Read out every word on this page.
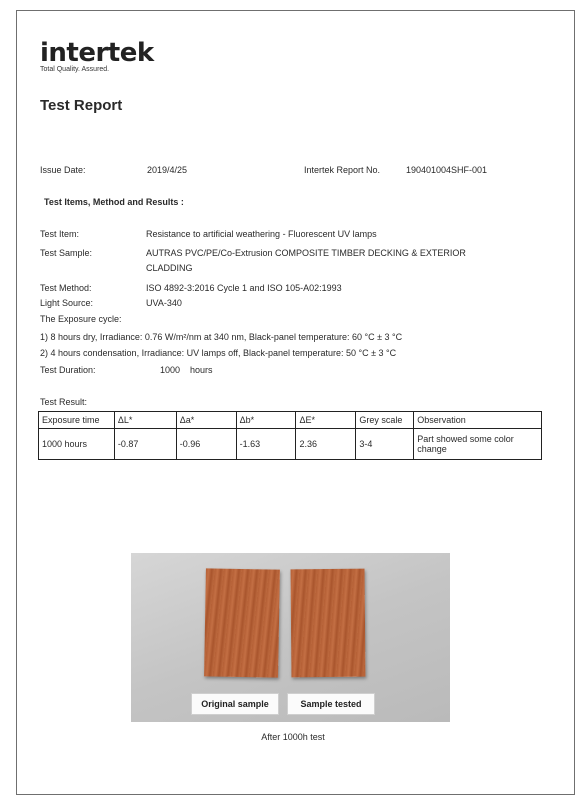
intertek
Total Quality. Assured.
Test Report
Issue Date:	2019/4/25	Intertek Report No.	190401004SHF-001
Test Items, Method and Results :
Test Item:	Resistance to artificial weathering - Fluorescent UV lamps
Test Sample:	AUTRAS PVC/PE/Co-Extrusion COMPOSITE TIMBER DECKING & EXTERIOR
CLADDING
Test Method:	ISO 4892-3:2016 Cycle 1 and ISO 105-A02:1993
Light Source:	UVA-340
The Exposure cycle:
1) 8 hours dry, Irradiance: 0.76 W/m²/nm at 340 nm, Black-panel temperature: 60 °C ± 3 °C
2) 4 hours condensation, Irradiance: UV lamps off, Black-panel temperature: 50 °C ± 3 °C
Test Duration:	1000    hours
Test Result:
Exposure time	ΔL*	Δa*	Δb*	ΔE*	Grey scale	Observation
1000 hours	-0.87	-0.96	-1.63	2.36	3-4	Part showed some color change
Original sample	Sample tested
After 1000h test
